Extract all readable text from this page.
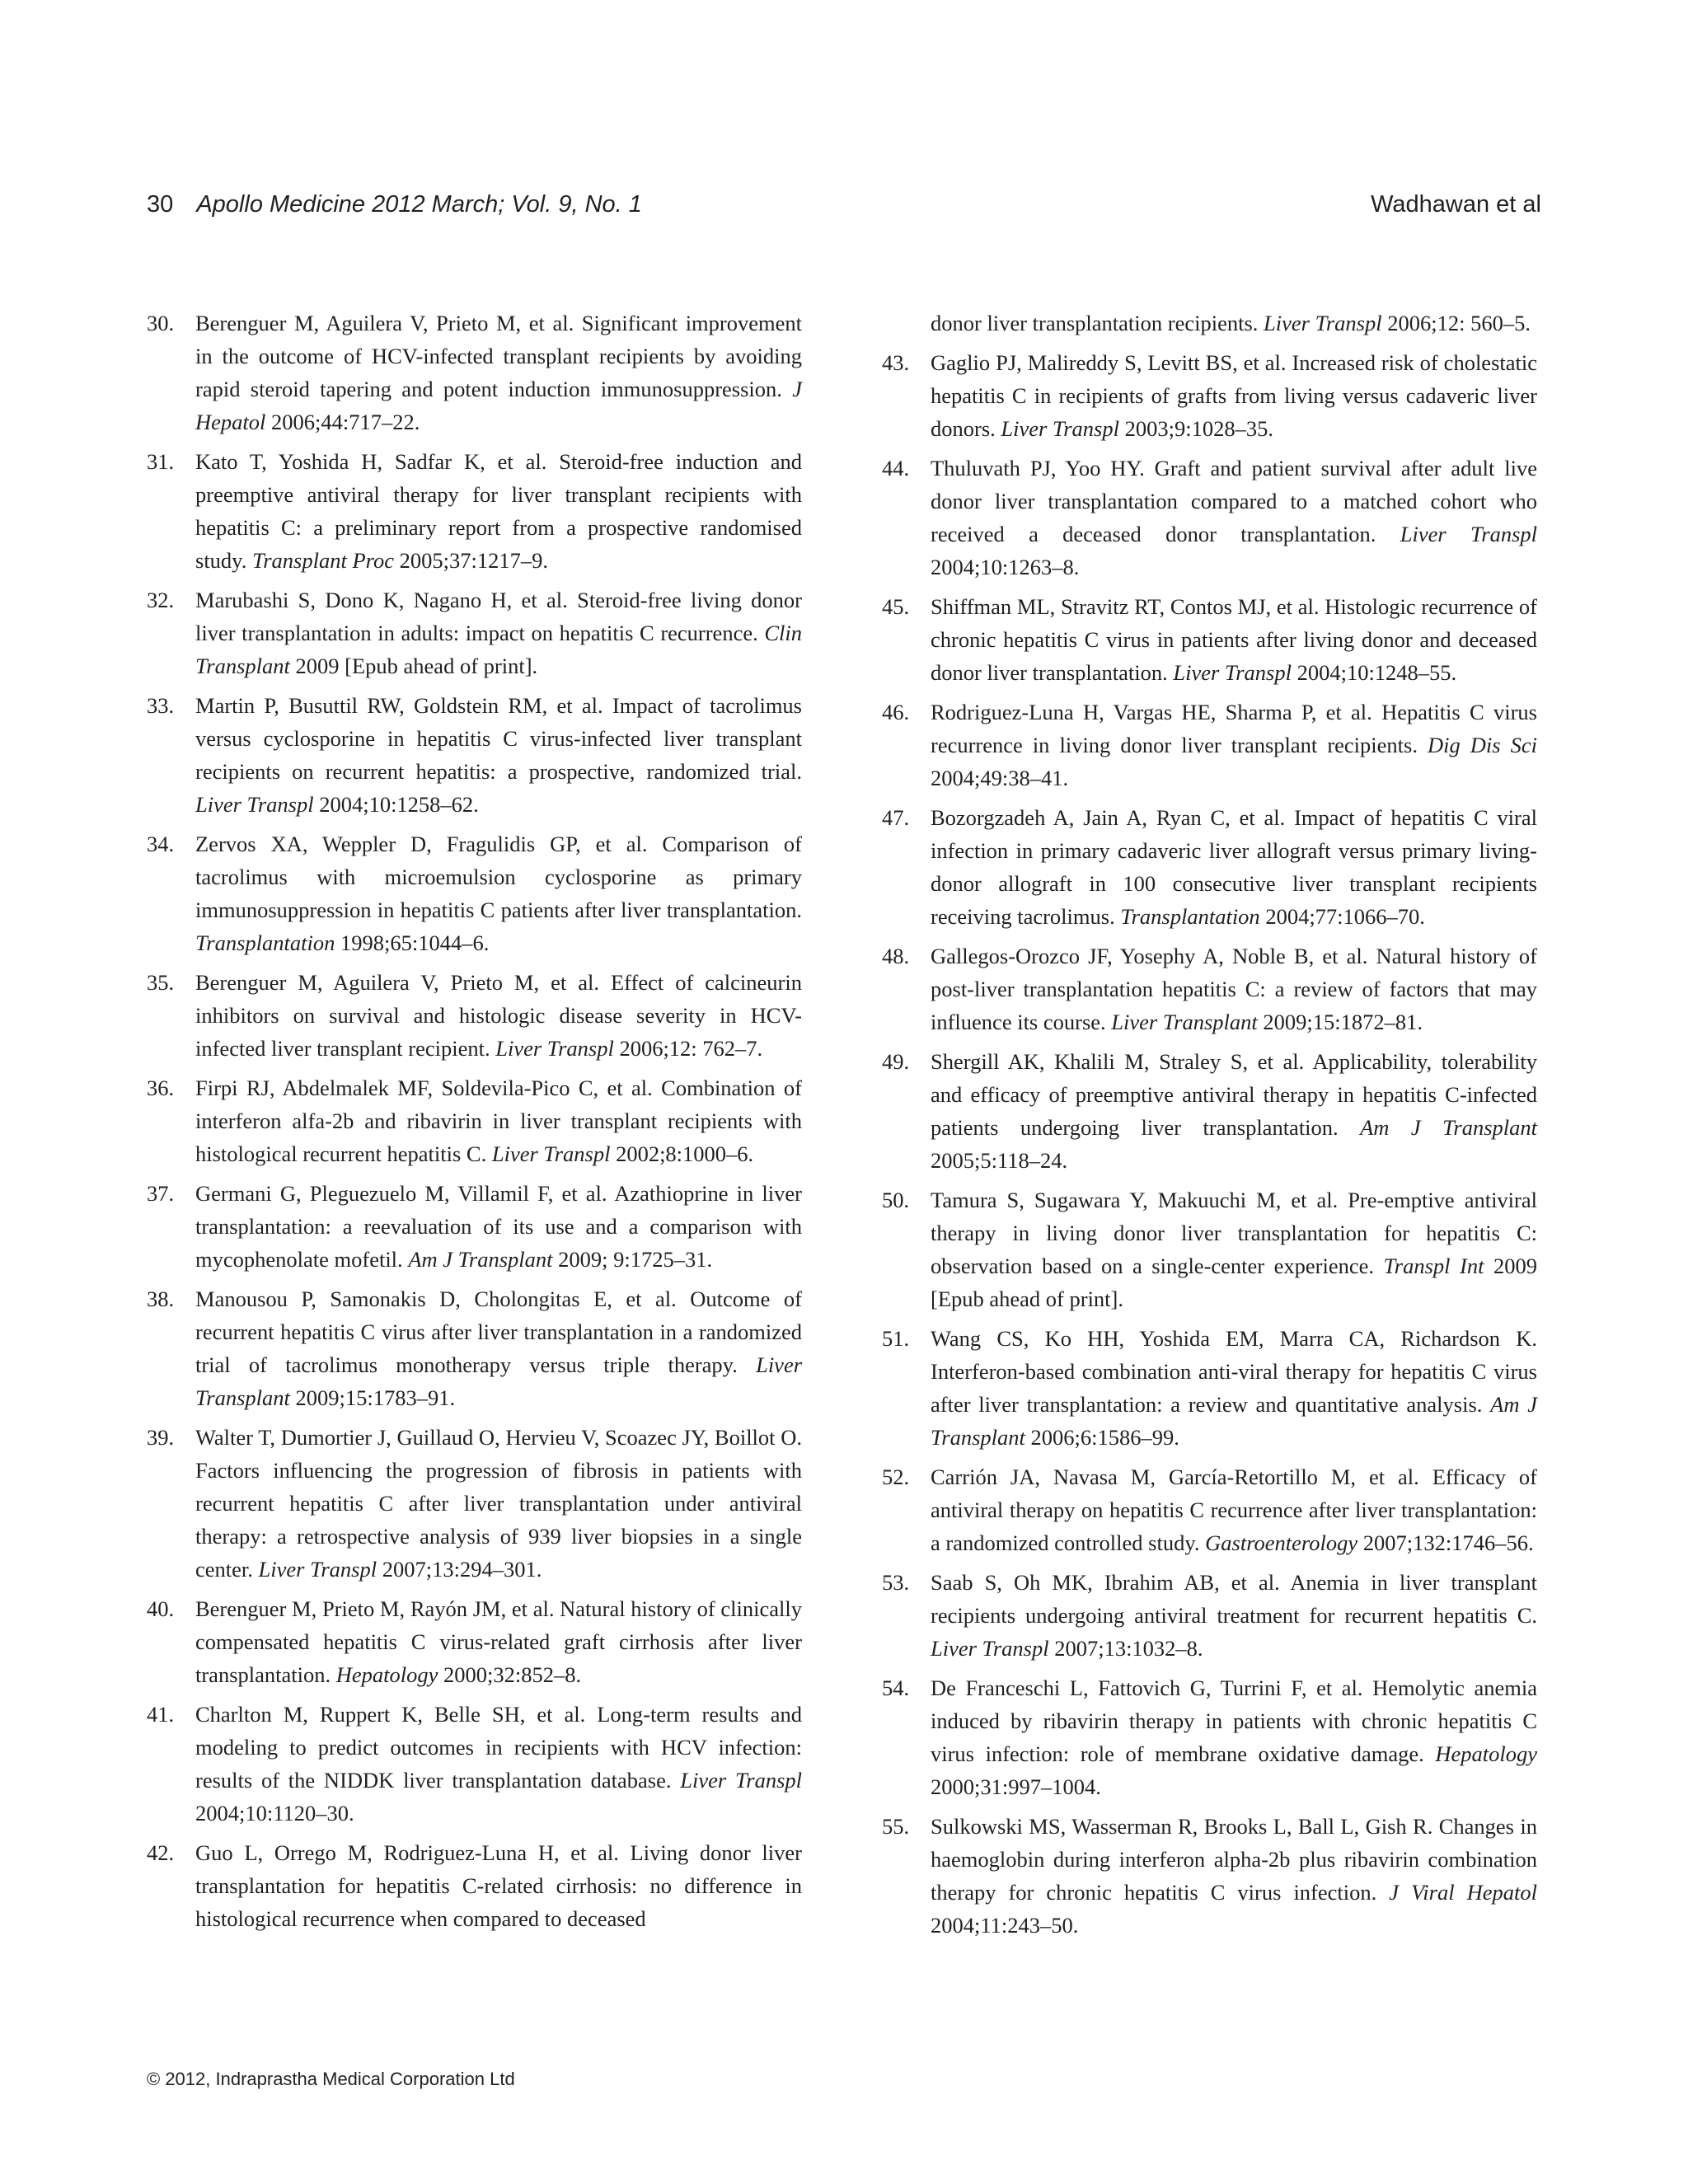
30 Apollo Medicine 2012 March; Vol. 9, No. 1	Wadhawan et al
30. Berenguer M, Aguilera V, Prieto M, et al. Significant improvement in the outcome of HCV-infected transplant recipients by avoiding rapid steroid tapering and potent induction immunosuppression. J Hepatol 2006;44:717–22.
31. Kato T, Yoshida H, Sadfar K, et al. Steroid-free induction and preemptive antiviral therapy for liver transplant recipients with hepatitis C: a preliminary report from a prospective randomised study. Transplant Proc 2005;37:1217–9.
32. Marubashi S, Dono K, Nagano H, et al. Steroid-free living donor liver transplantation in adults: impact on hepatitis C recurrence. Clin Transplant 2009 [Epub ahead of print].
33. Martin P, Busuttil RW, Goldstein RM, et al. Impact of tacrolimus versus cyclosporine in hepatitis C virus-infected liver transplant recipients on recurrent hepatitis: a prospective, randomized trial. Liver Transpl 2004;10:1258–62.
34. Zervos XA, Weppler D, Fragulidis GP, et al. Comparison of tacrolimus with microemulsion cyclosporine as primary immunosuppression in hepatitis C patients after liver transplantation. Transplantation 1998;65:1044–6.
35. Berenguer M, Aguilera V, Prieto M, et al. Effect of calcineurin inhibitors on survival and histologic disease severity in HCV-infected liver transplant recipient. Liver Transpl 2006;12: 762–7.
36. Firpi RJ, Abdelmalek MF, Soldevila-Pico C, et al. Combination of interferon alfa-2b and ribavirin in liver transplant recipients with histological recurrent hepatitis C. Liver Transpl 2002;8:1000–6.
37. Germani G, Pleguezuelo M, Villamil F, et al. Azathioprine in liver transplantation: a reevaluation of its use and a comparison with mycophenolate mofetil. Am J Transplant 2009; 9:1725–31.
38. Manousou P, Samonakis D, Cholongitas E, et al. Outcome of recurrent hepatitis C virus after liver transplantation in a randomized trial of tacrolimus monotherapy versus triple therapy. Liver Transplant 2009;15:1783–91.
39. Walter T, Dumortier J, Guillaud O, Hervieu V, Scoazec JY, Boillot O. Factors influencing the progression of fibrosis in patients with recurrent hepatitis C after liver transplantation under antiviral therapy: a retrospective analysis of 939 liver biopsies in a single center. Liver Transpl 2007;13:294–301.
40. Berenguer M, Prieto M, Rayón JM, et al. Natural history of clinically compensated hepatitis C virus-related graft cirrhosis after liver transplantation. Hepatology 2000;32:852–8.
41. Charlton M, Ruppert K, Belle SH, et al. Long-term results and modeling to predict outcomes in recipients with HCV infection: results of the NIDDK liver transplantation database. Liver Transpl 2004;10:1120–30.
42. Guo L, Orrego M, Rodriguez-Luna H, et al. Living donor liver transplantation for hepatitis C-related cirrhosis: no difference in histological recurrence when compared to deceased
donor liver transplantation recipients. Liver Transpl 2006;12: 560–5.
43. Gaglio PJ, Malireddy S, Levitt BS, et al. Increased risk of cholestatic hepatitis C in recipients of grafts from living versus cadaveric liver donors. Liver Transpl 2003;9:1028–35.
44. Thuluvath PJ, Yoo HY. Graft and patient survival after adult live donor liver transplantation compared to a matched cohort who received a deceased donor transplantation. Liver Transpl 2004;10:1263–8.
45. Shiffman ML, Stravitz RT, Contos MJ, et al. Histologic recurrence of chronic hepatitis C virus in patients after living donor and deceased donor liver transplantation. Liver Transpl 2004;10:1248–55.
46. Rodriguez-Luna H, Vargas HE, Sharma P, et al. Hepatitis C virus recurrence in living donor liver transplant recipients. Dig Dis Sci 2004;49:38–41.
47. Bozorgzadeh A, Jain A, Ryan C, et al. Impact of hepatitis C viral infection in primary cadaveric liver allograft versus primary living-donor allograft in 100 consecutive liver transplant recipients receiving tacrolimus. Transplantation 2004;77:1066–70.
48. Gallegos-Orozco JF, Yosephy A, Noble B, et al. Natural history of post-liver transplantation hepatitis C: a review of factors that may influence its course. Liver Transplant 2009;15:1872–81.
49. Shergill AK, Khalili M, Straley S, et al. Applicability, tolerability and efficacy of preemptive antiviral therapy in hepatitis C-infected patients undergoing liver transplantation. Am J Transplant 2005;5:118–24.
50. Tamura S, Sugawara Y, Makuuchi M, et al. Pre-emptive antiviral therapy in living donor liver transplantation for hepatitis C: observation based on a single-center experience. Transpl Int 2009 [Epub ahead of print].
51. Wang CS, Ko HH, Yoshida EM, Marra CA, Richardson K. Interferon-based combination anti-viral therapy for hepatitis C virus after liver transplantation: a review and quantitative analysis. Am J Transplant 2006;6:1586–99.
52. Carrión JA, Navasa M, García-Retortillo M, et al. Efficacy of antiviral therapy on hepatitis C recurrence after liver transplantation: a randomized controlled study. Gastroenterology 2007;132:1746–56.
53. Saab S, Oh MK, Ibrahim AB, et al. Anemia in liver transplant recipients undergoing antiviral treatment for recurrent hepatitis C. Liver Transpl 2007;13:1032–8.
54. De Franceschi L, Fattovich G, Turrini F, et al. Hemolytic anemia induced by ribavirin therapy in patients with chronic hepatitis C virus infection: role of membrane oxidative damage. Hepatology 2000;31:997–1004.
55. Sulkowski MS, Wasserman R, Brooks L, Ball L, Gish R. Changes in haemoglobin during interferon alpha-2b plus ribavirin combination therapy for chronic hepatitis C virus infection. J Viral Hepatol 2004;11:243–50.
© 2012, Indraprastha Medical Corporation Ltd
